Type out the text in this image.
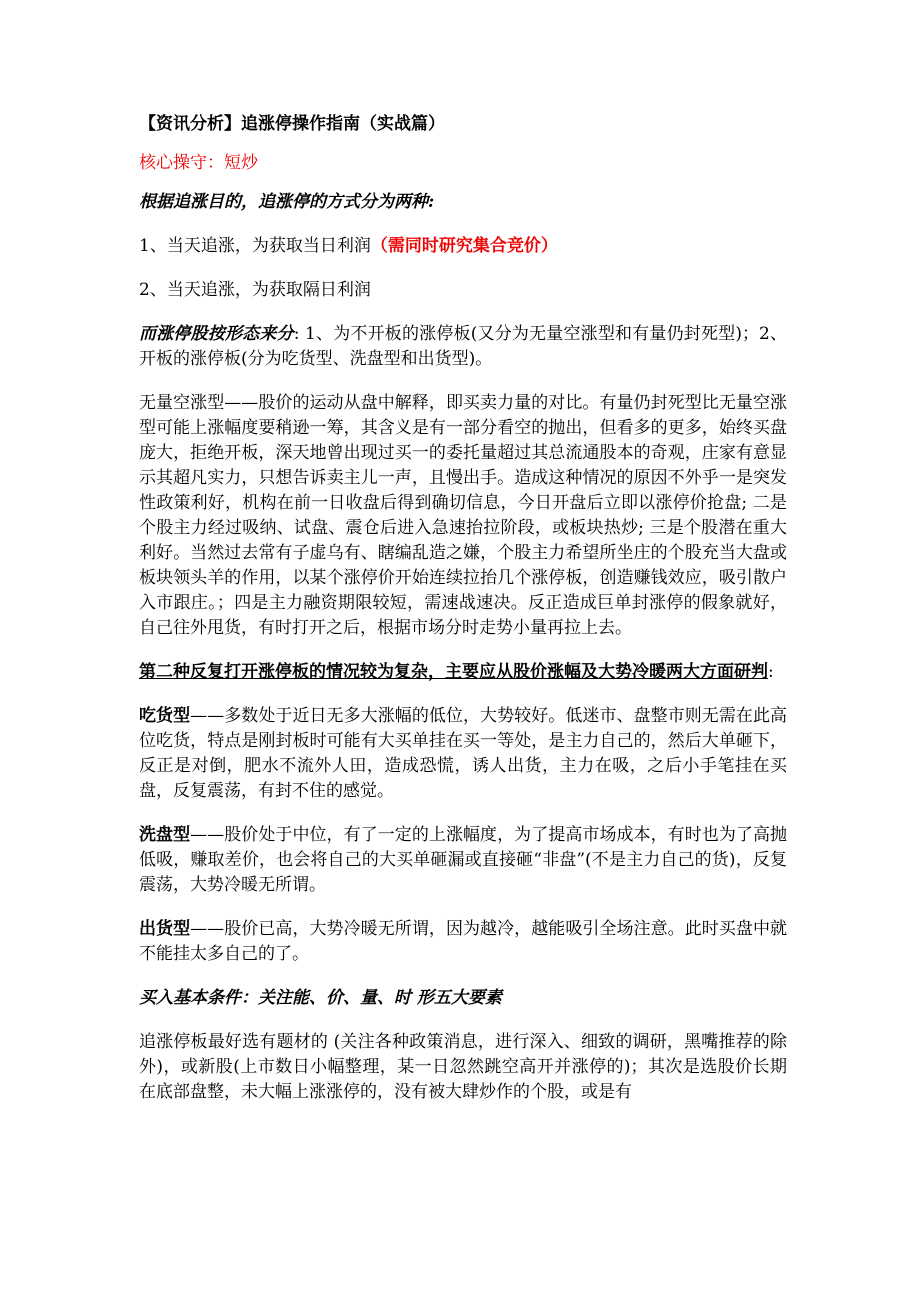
【资讯分析】追涨停操作指南（实战篇）
核心操守：短炒
根据追涨目的，追涨停的方式分为两种:
1、当天追涨，为获取当日利润（需同时研究集合竞价）
2、当天追涨，为获取隔日利润
而涨停股按形态来分: 1、为不开板的涨停板(又分为无量空涨型和有量仍封死型)；2、开板的涨停板(分为吃货型、洗盘型和出货型)。
无量空涨型——股价的运动从盘中解释，即买卖力量的对比。有量仍封死型比无量空涨型可能上涨幅度要稍逊一筹，其含义是有一部分看空的抛出，但看多的更多，始终买盘庞大，拒绝开板，深天地曾出现过买一的委托量超过其总流通股本的奇观，庄家有意显示其超凡实力，只想告诉卖主儿一声，且慢出手。造成这种情况的原因不外乎一是突发性政策利好，机构在前一日收盘后得到确切信息，今日开盘后立即以涨停价抢盘; 二是个股主力经过吸纳、试盘、震仓后进入急速抬拉阶段，或板块热炒; 三是个股潜在重大利好。当然过去常有子虚乌有、瞎编乱造之嫌，个股主力希望所坐庄的个股充当大盘或板块领头羊的作用，以某个涨停价开始连续拉抬几个涨停板，创造赚钱效应，吸引散户入市跟庄。；四是主力融资期限较短，需速战速决。反正造成巨单封涨停的假象就好，自己往外甩货，有时打开之后，根据市场分时走势小量再拉上去。
第二种反复打开涨停板的情况较为复杂，主要应从股价涨幅及大势冷暖两大方面研判:
吃货型——多数处于近日无多大涨幅的低位，大势较好。低迷市、盘整市则无需在此高位吃货，特点是刚封板时可能有大买单挂在买一等处，是主力自己的，然后大单砸下，反正是对倒，肥水不流外人田，造成恐慌，诱人出货，主力在吸，之后小手笔挂在买盘，反复震荡，有封不住的感觉。
洗盘型——股价处于中位，有了一定的上涨幅度，为了提高市场成本，有时也为了高抛低吸，赚取差价，也会将自己的大买单砸漏或直接砸“非盘”(不是主力自己的货)，反复震荡，大势冷暖无所谓。
出货型——股价已高，大势冷暖无所谓，因为越冷，越能吸引全场注意。此时买盘中就不能挂太多自己的了。
买入基本条件：关注能、价、量、时 形五大要素
追涨停板最好选有题材的 (关注各种政策消息，进行深入、细致的调研，黑嘴推荐的除外)，或新股(上市数日小幅整理，某一日忽然跳空高开并涨停的)；其次是选股价长期在底部盘整，未大幅上涨涨停的，没有被大肆炒作的个股，或是有
